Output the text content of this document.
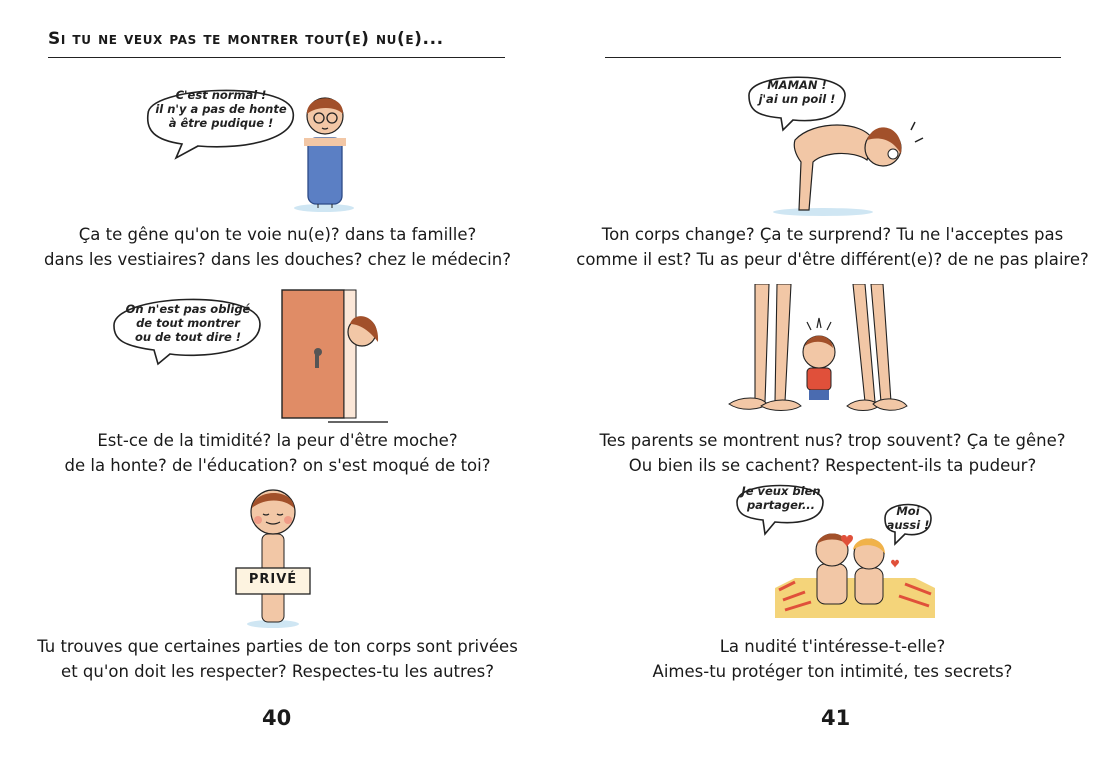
Si tu ne veux pas te montrer tout(e) nu(e)...
C'est normal !
il n'y a pas de honte
à être pudique !
Ça te gêne qu'on te voie nu(e)? dans ta famille?
dans les vestiaires? dans les douches? chez le médecin?
On n'est pas obligé
de tout montrer
ou de tout dire !
Est-ce de la timidité? la peur d'être moche?
de la honte? de l'éducation? on s'est moqué de toi?
PRIVÉ
Tu trouves que certaines parties de ton corps sont privées
et qu'on doit les respecter? Respectes-tu les autres?
40
MAMAN !
j'ai un poil !
Ton corps change? Ça te surprend? Tu ne l'acceptes pas
comme il est? Tu as peur d'être différent(e)? de ne pas plaire?
Tes parents se montrent nus? trop souvent? Ça te gêne?
Ou bien ils se cachent? Respectent-ils ta pudeur?
Je veux bien
partager...	Moi
aussi !
La nudité t'intéresse-t-elle?
Aimes-tu protéger ton intimité, tes secrets?
41
